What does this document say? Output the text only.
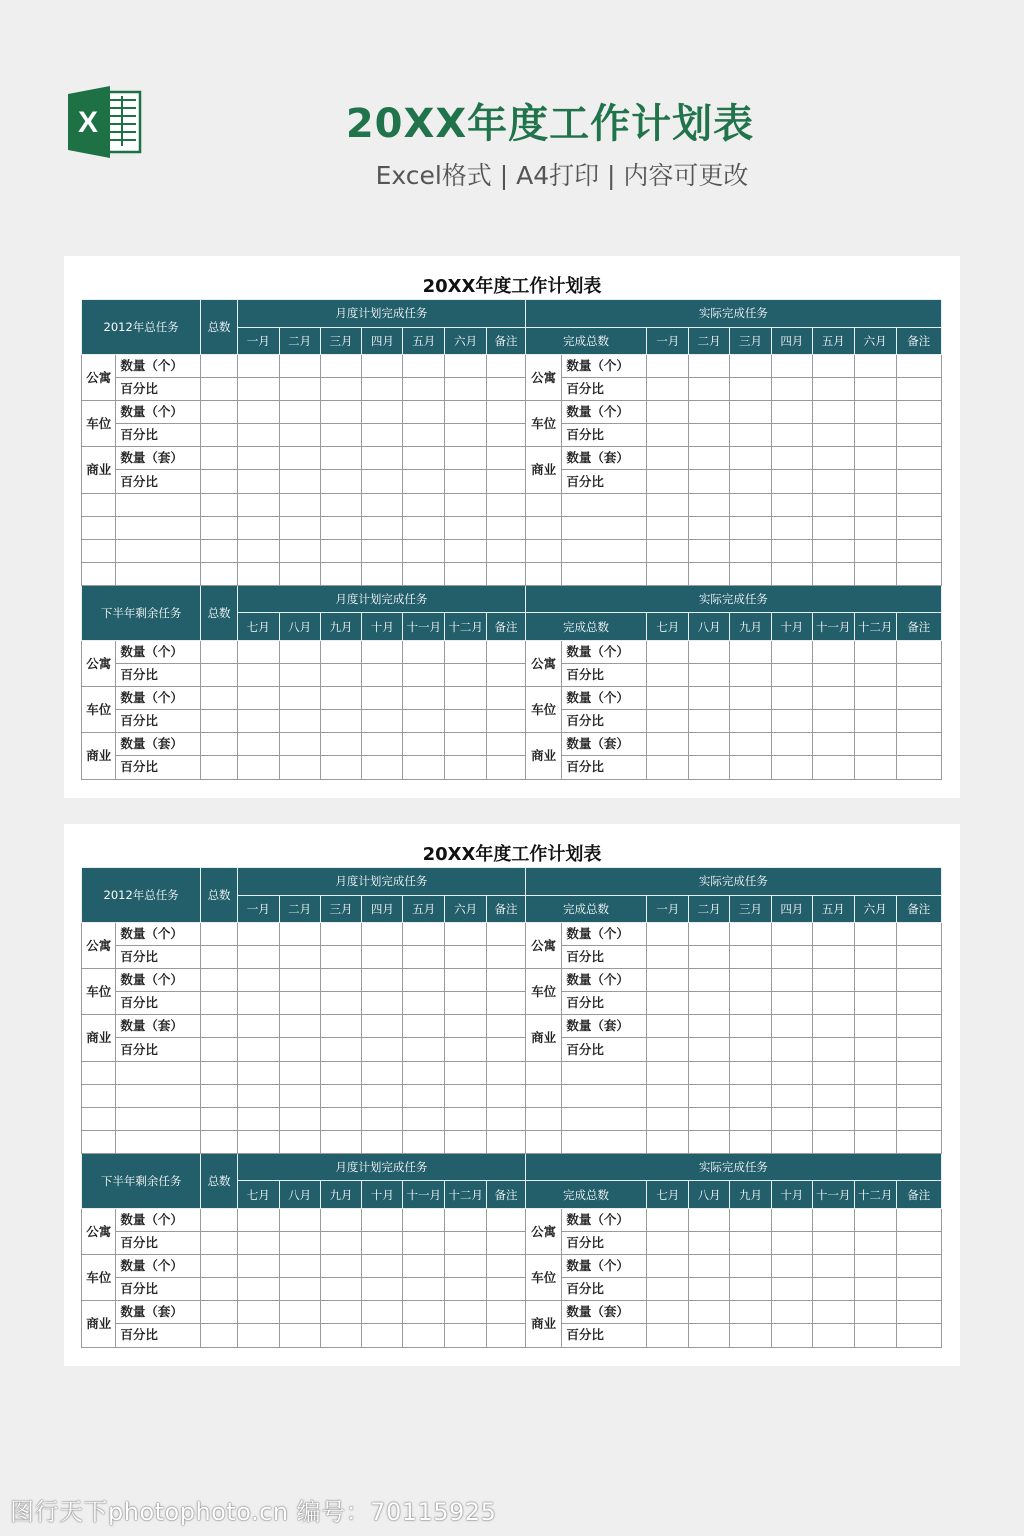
X	20XX年度工作计划表
Excel格式 | A4打印 | 内容可更改
20XX年度工作计划表
2012年总任务		总数	月度计划完成任务							实际完成任务								
			一月	二月	三月	四月	五月	六月	备注	完成总数		一月	二月	三月	四月	五月	六月	备注
公寓	数量（个）									公寓	数量（个）							
	百分比										百分比							
车位	数量（个）									车位	数量（个）							
	百分比										百分比							
商业	数量（套）									商业	数量（套）							
	百分比										百分比							

下半年剩余任务		总数	月度计划完成任务							实际完成任务								
			七月	八月	九月	十月	十一月	十二月	备注	完成总数		七月	八月	九月	十月	十一月	十二月	备注
公寓	数量（个）									公寓	数量（个）							
	百分比										百分比							
车位	数量（个）									车位	数量（个）							
	百分比										百分比							
商业	数量（套）									商业	数量（套）							
	百分比										百分比							
20XX年度工作计划表
2012年总任务		总数	月度计划完成任务							实际完成任务								
			一月	二月	三月	四月	五月	六月	备注	完成总数		一月	二月	三月	四月	五月	六月	备注
公寓	数量（个）									公寓	数量（个）							
	百分比										百分比							
车位	数量（个）									车位	数量（个）							
	百分比										百分比							
商业	数量（套）									商业	数量（套）							
	百分比										百分比							

下半年剩余任务		总数	月度计划完成任务							实际完成任务								
			七月	八月	九月	十月	十一月	十二月	备注	完成总数		七月	八月	九月	十月	十一月	十二月	备注
公寓	数量（个）									公寓	数量（个）							
	百分比										百分比							
车位	数量（个）									车位	数量（个）							
	百分比										百分比							
商业	数量（套）									商业	数量（套）							
	百分比										百分比							
图行天下photophoto.cn 编号：70115925
